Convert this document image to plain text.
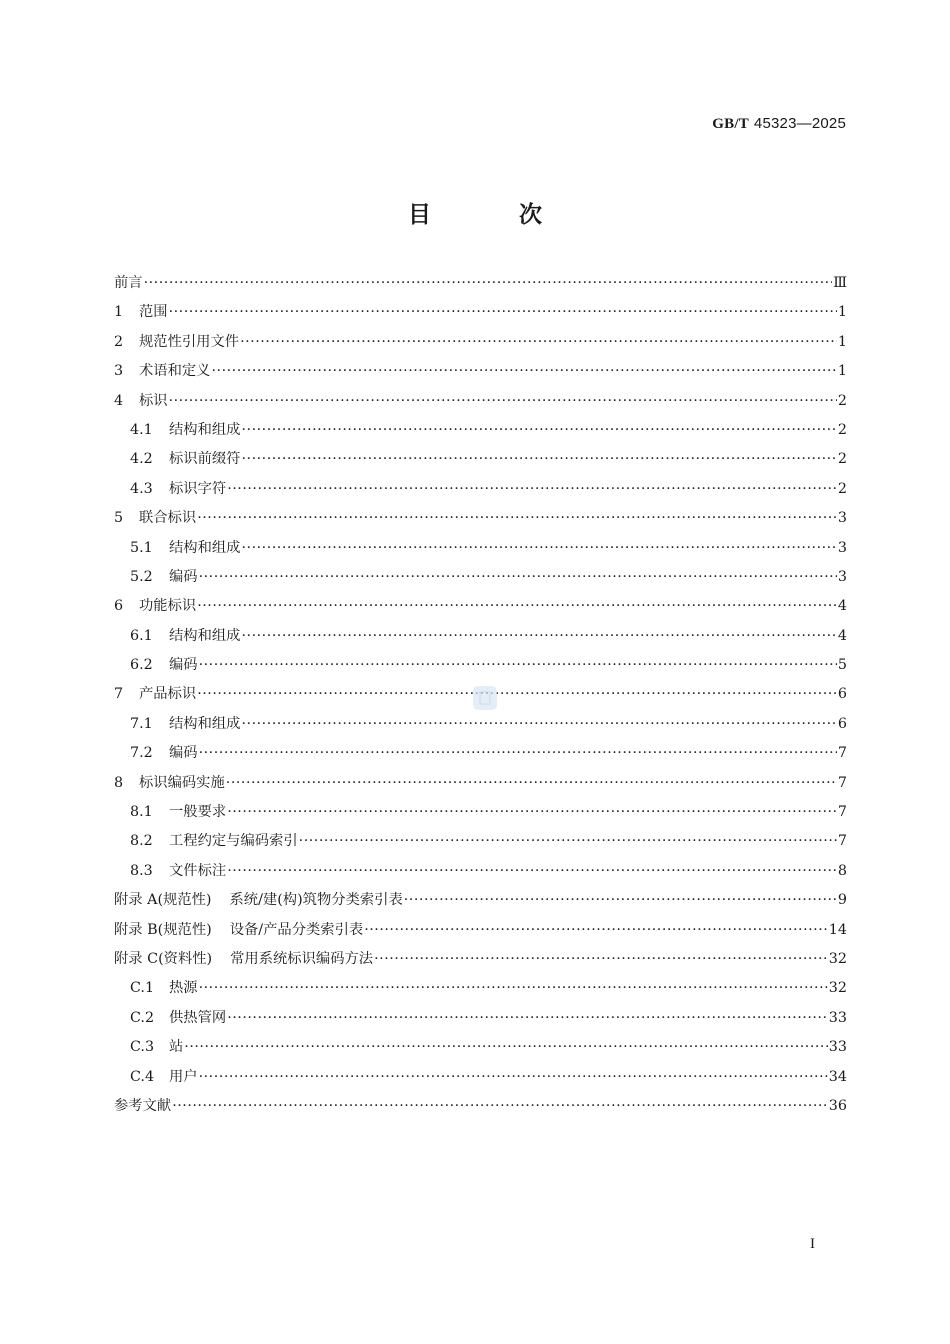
GB/T 45323—2025
目 次
前言 ·····	Ⅲ
1	范围 ·····	1
2	规范性引用文件 ·····	1
3	术语和定义 ·····	1
4	标识 ·····	2
4.1	结构和组成 ·····	2
4.2	标识前缀符 ·····	2
4.3	标识字符 ·····	2
5	联合标识 ·····	3
5.1	结构和组成 ·····	3
5.2	编码 ·····	3
6	功能标识 ·····	4
6.1	结构和组成 ·····	4
6.2	编码 ·····	5
7	产品标识 ·····	6
7.1	结构和组成 ·····	6
7.2	编码 ·····	7
8	标识编码实施 ·····	7
8.1	一般要求 ·····	7
8.2	工程约定与编码索引 ·····	7
8.3	文件标注 ·····	8
附录 A(规范性) 系统/建(构)筑物分类索引表 ·····	9
附录 B(规范性) 设备/产品分类索引表 ·····	14
附录 C(资料性) 常用系统标识编码方法 ·····	32
C.1	热源 ·····	32
C.2	供热管网 ·····	33
C.3	站 ·····	33
C.4	用户 ·····	34
参考文献 ·····	36
I
